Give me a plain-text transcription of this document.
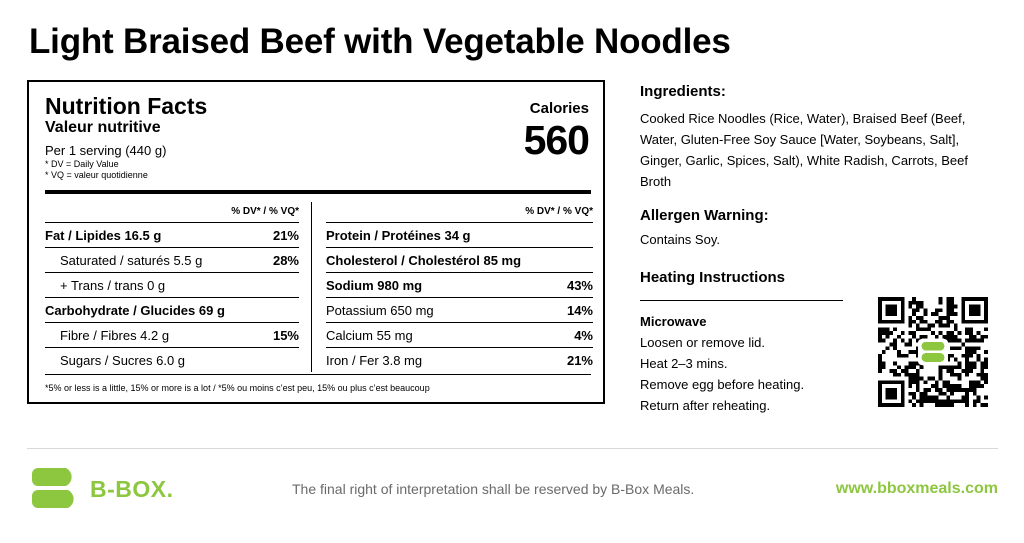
Light Braised Beef with Vegetable Noodles
Nutrition Facts
Valeur nutritive
Per 1 serving (440 g)
* DV = Daily Value
* VQ = valeur quotidienne
Calories
560
% DV* / % VQ*
Fat / Lipides 16.5 g	21%
Saturated / saturés 5.5 g	28%
+ Trans / trans 0 g
Carbohydrate / Glucides 69 g
Fibre / Fibres 4.2 g	15%
Sugars / Sucres 6.0 g
% DV* / % VQ*
Protein / Protéines 34 g
Cholesterol / Cholestérol 85 mg
Sodium 980 mg	43%
Potassium 650 mg	14%
Calcium 55 mg	4%
Iron / Fer 3.8 mg	21%
*5% or less is a little, 15% or more is a lot / *5% ou moins c’est peu, 15% ou plus c’est beaucoup

Ingredients:

Cooked Rice Noodles (Rice, Water), Braised Beef (Beef, Water, Gluten-Free Soy Sauce [Water, Soybeans, Salt], Ginger, Garlic, Spices, Salt), White Radish, Carrots, Beef Broth

Allergen Warning:

Contains Soy.

Heating Instructions

Microwave
Loosen or remove lid.
Heat 2–3 mins.
Remove egg before heating.
Return after reheating.
B-BOX.	The final right of interpretation shall be reserved by B-Box Meals.	www.bboxmeals.com
